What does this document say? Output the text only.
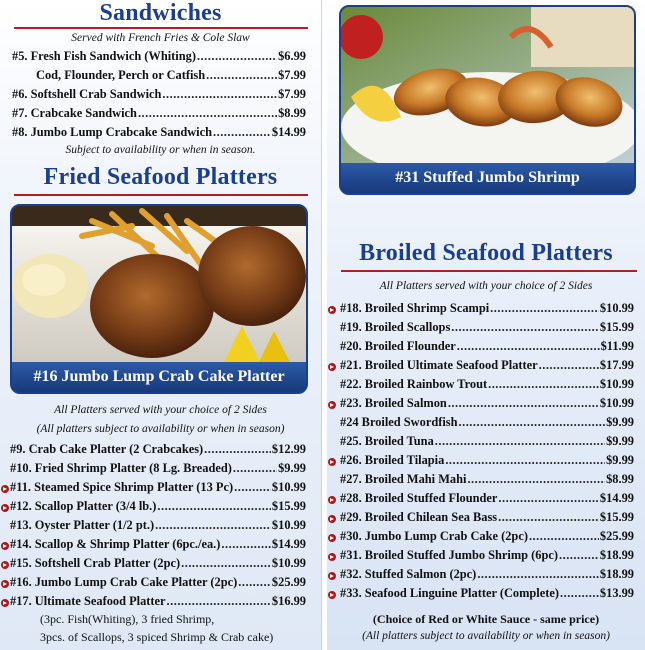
Sandwiches
Served with French Fries & Cole Slaw
#5. Fresh Fish Sandwich (Whiting) .....	$6.99
Cod, Flounder, Perch or Catfish .....	$7.99
#6. Softshell Crab Sandwich .....	$7.99
#7. Crabcake Sandwich .....	$8.99
#8. Jumbo Lump Crabcake Sandwich .....	$14.99
Subject to availability or when in season.
Fried Seafood Platters
#16 Jumbo Lump Crab Cake Platter
All Platters served with your choice of 2 Sides
(All platters subject to availability or when in season)
#9. Crab Cake Platter (2 Crabcakes) .....	$12.99
#10. Fried Shrimp Platter (8 Lg. Breaded) .....	$9.99
#11. Steamed Spice Shrimp Platter (13 Pc) .....	$10.99
#12. Scallop Platter (3/4 lb.) .....	$15.99
#13. Oyster Platter (1/2 pt.) .....	$10.99
#14. Scallop & Shrimp Platter (6pc./ea.) .....	$14.99
#15. Softshell Crab Platter (2pc) .....	$10.99
#16. Jumbo Lump Crab Cake Platter (2pc) .....	$25.99
#17. Ultimate Seafood Platter .....	$16.99
(3pc. Fish(Whiting), 3 fried Shrimp,
3pcs. of Scallops, 3 spiced Shrimp & Crab cake)
#31 Stuffed Jumbo Shrimp
Broiled Seafood Platters
All Platters served with your choice of 2 Sides
#18. Broiled Shrimp Scampi .....	$10.99
#19. Broiled Scallops .....	$15.99
#20. Broiled Flounder .....	$11.99
#21. Broiled Ultimate Seafood Platter .....	$17.99
#22. Broiled Rainbow Trout .....	$10.99
#23. Broiled Salmon .....	$10.99
#24 Broiled Swordfish .....	$9.99
#25. Broiled Tuna .....	$9.99
#26. Broiled Tilapia .....	$9.99
#27. Broiled Mahi Mahi .....	$8.99
#28. Broiled Stuffed Flounder .....	$14.99
#29. Broiled Chilean Sea Bass .....	$15.99
#30. Jumbo Lump Crab Cake (2pc) .....	$25.99
#31. Broiled Stuffed Jumbo Shrimp (6pc) .....	$18.99
#32. Stuffed Salmon (2pc) .....	$18.99
#33. Seafood Linguine Platter (Complete) .....	$13.99
(Choice of Red or White Sauce - same price)
(All platters subject to availability or when in season)
